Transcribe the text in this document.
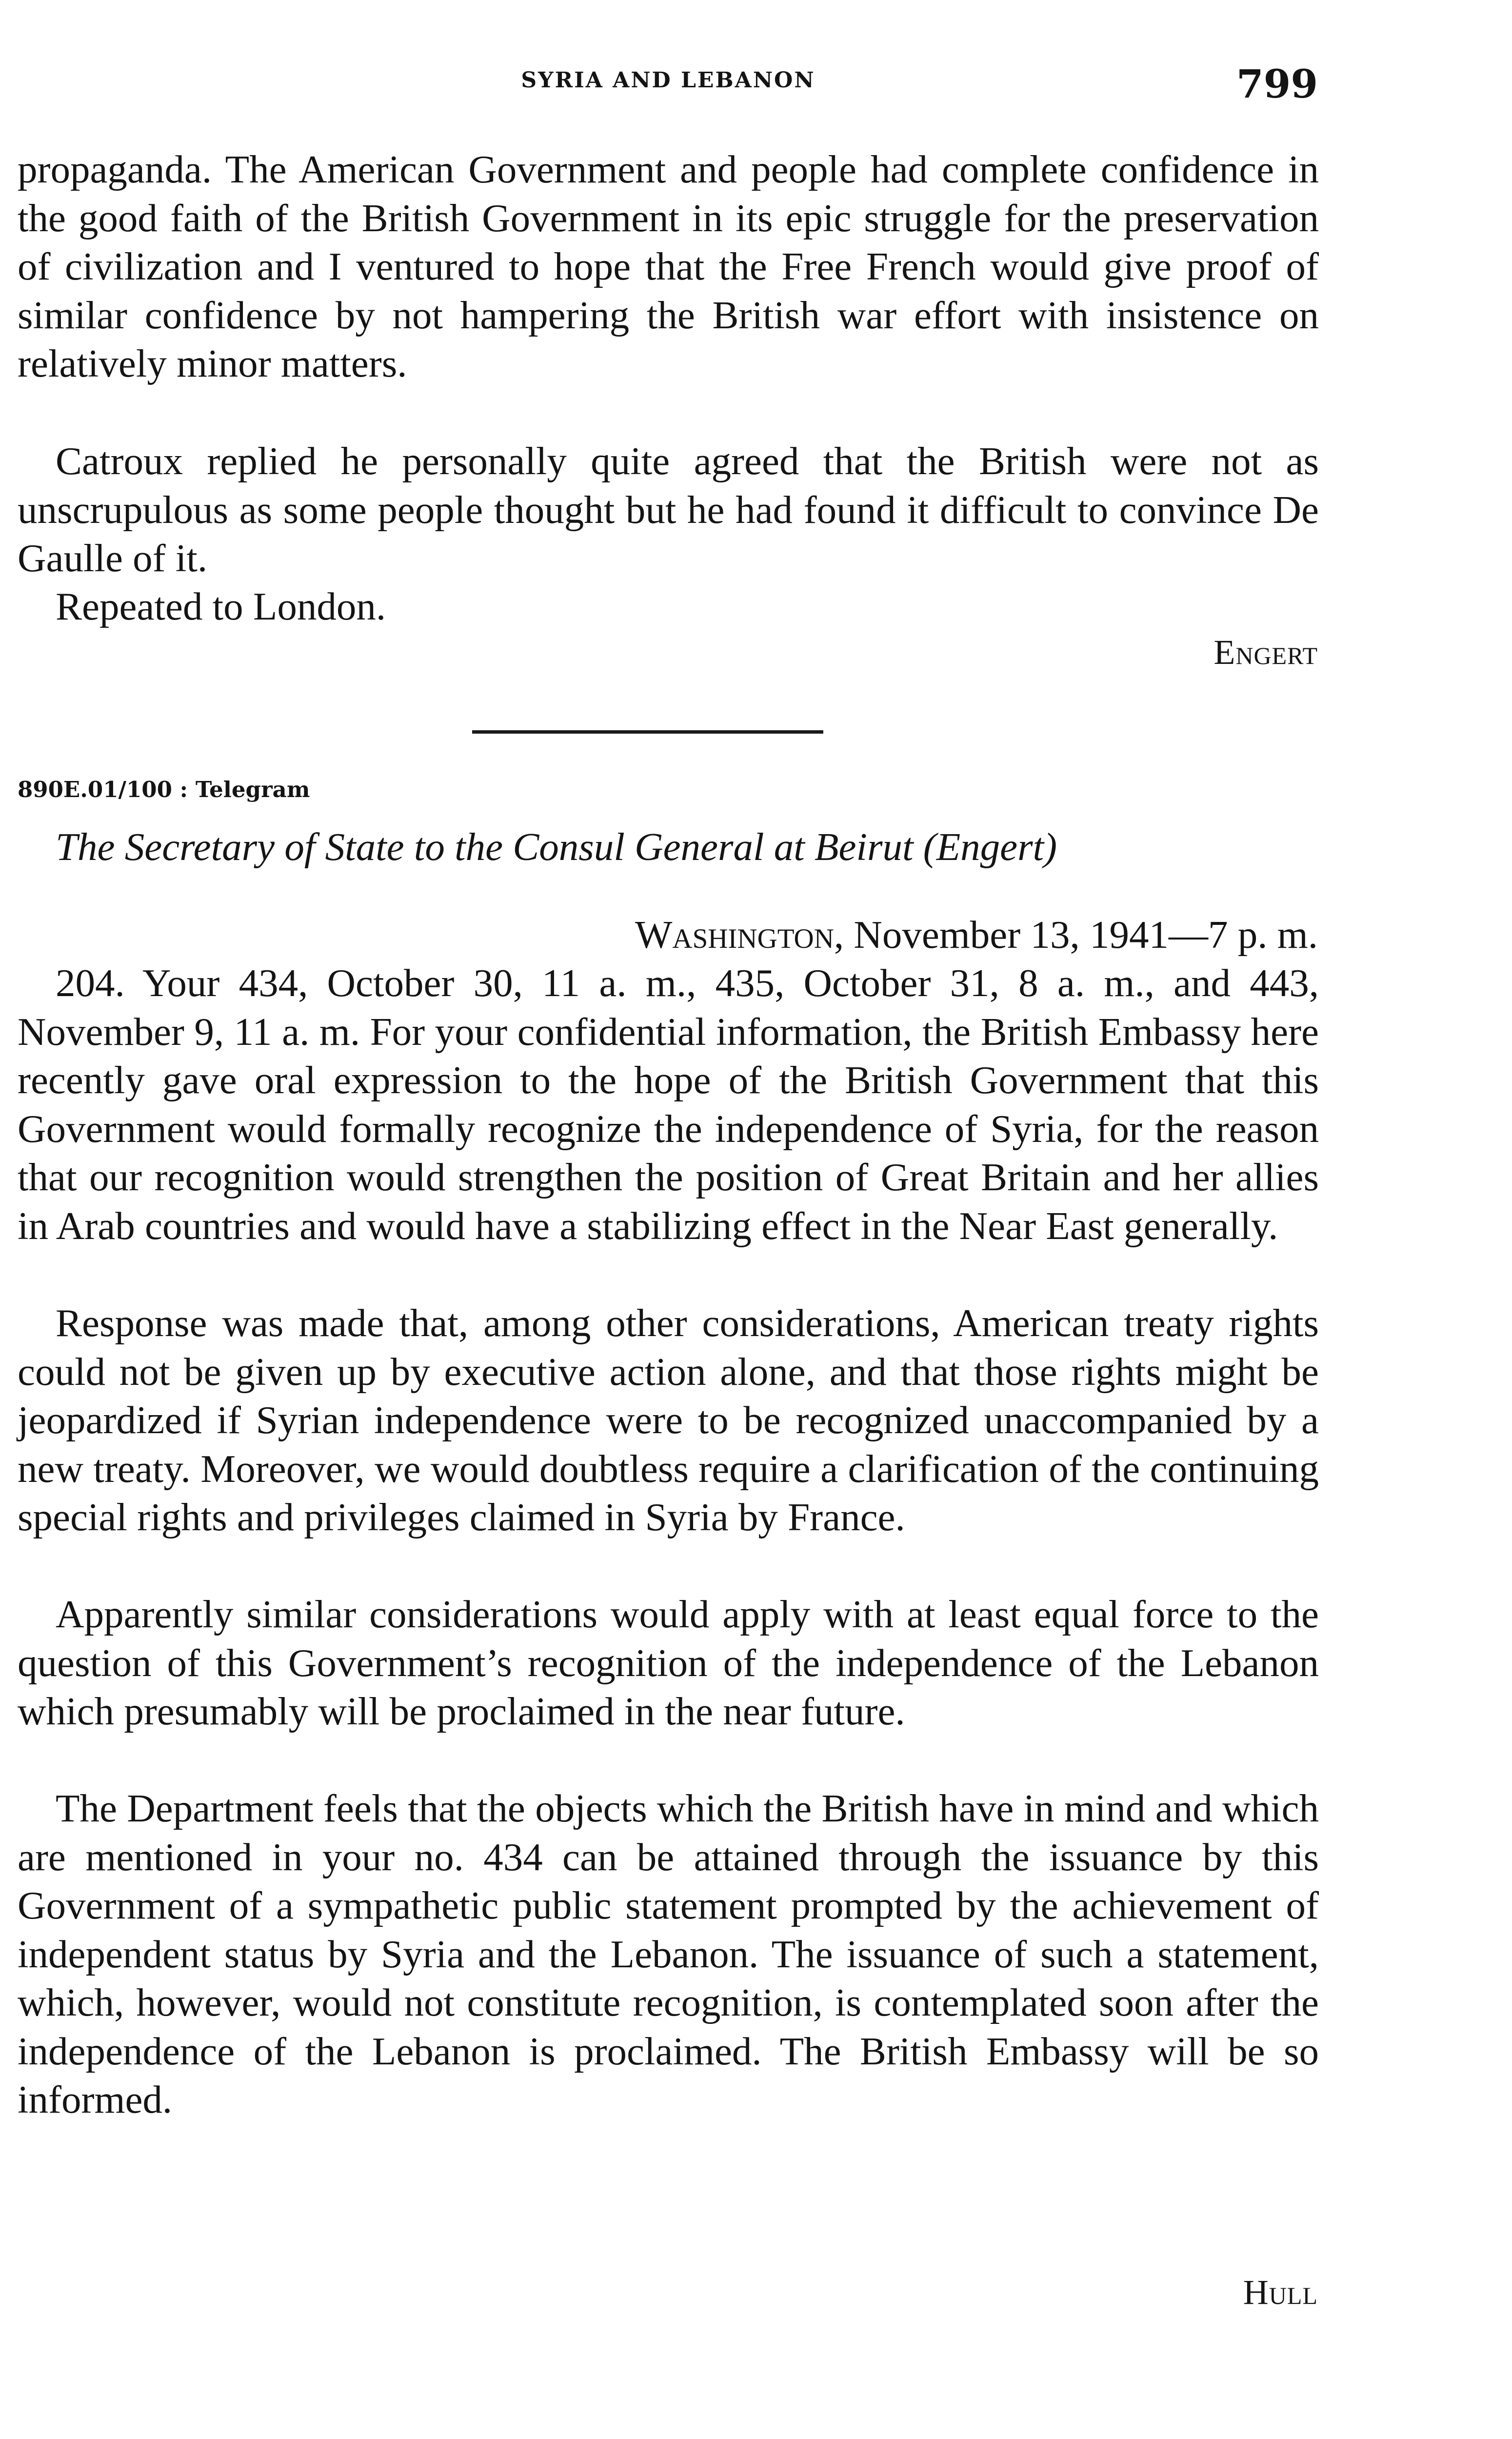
SYRIA AND LEBANON	799

propaganda. The American Government and people had complete confidence in the good faith of the British Government in its epic struggle for the preservation of civilization and I ventured to hope that the Free French would give proof of similar confidence by not hampering the British war effort with insistence on relatively minor matters.

Catroux replied he personally quite agreed that the British were not as unscrupulous as some people thought but he had found it difficult to convince De Gaulle of it.

Repeated to London.

Engert
890E.01/100 : Telegram
The Secretary of State to the Consul General at Beirut (Engert)
Washington, November 13, 1941—7 p. m.

204. Your 434, October 30, 11 a. m., 435, October 31, 8 a. m., and 443, November 9, 11 a. m. For your confidential information, the British Embassy here recently gave oral expression to the hope of the British Government that this Government would formally recognize the independence of Syria, for the reason that our recognition would strengthen the position of Great Britain and her allies in Arab countries and would have a stabilizing effect in the Near East generally.

Response was made that, among other considerations, American treaty rights could not be given up by executive action alone, and that those rights might be jeopardized if Syrian independence were to be recognized unaccompanied by a new treaty. Moreover, we would doubtless require a clarification of the continuing special rights and privileges claimed in Syria by France.

Apparently similar considerations would apply with at least equal force to the question of this Government’s recognition of the independence of the Lebanon which presumably will be proclaimed in the near future.

The Department feels that the objects which the British have in mind and which are mentioned in your no. 434 can be attained through the issuance by this Government of a sympathetic public statement prompted by the achievement of independent status by Syria and the Lebanon. The issuance of such a statement, which, however, would not constitute recognition, is contemplated soon after the independence of the Lebanon is proclaimed. The British Embassy will be so informed.

Hull
